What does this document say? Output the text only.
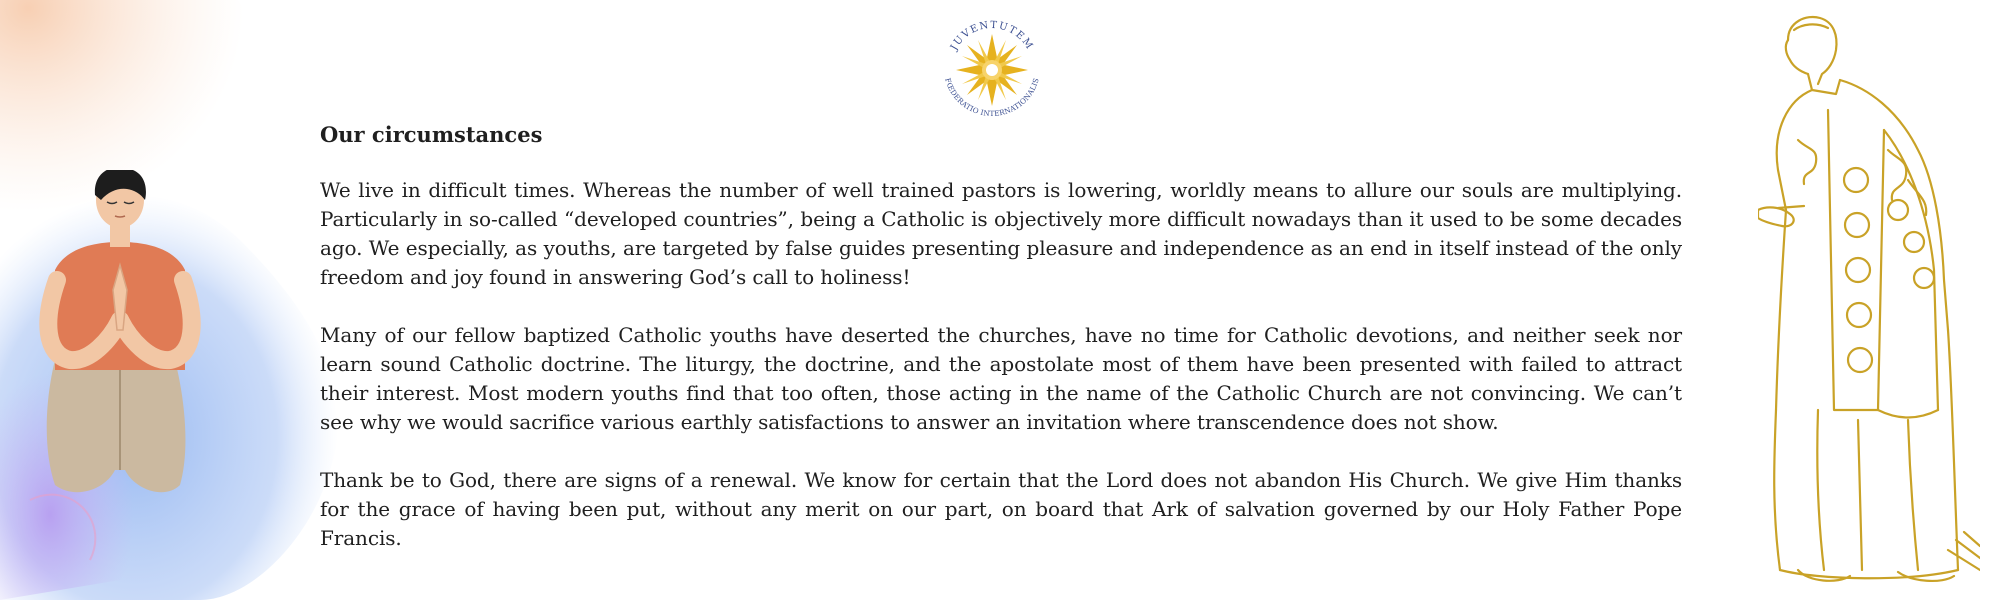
JUVENTUTEM
FŒDERATIO INTERNATIONALIS
Our circumstances

We live in difficult times. Whereas the number of well trained pastors is lowering, worldly means to allure our souls are multiplying. Particularly in so-called “developed countries”, being a Catholic is objectively more difficult nowadays than it used to be some decades ago. We especially, as youths, are targeted by false guides presenting pleasure and independence as an end in itself instead of the only freedom and joy found in answering God’s call to holiness!

Many of our fellow baptized Catholic youths have deserted the churches, have no time for Catholic devotions, and neither seek nor learn sound Catholic doctrine. The liturgy, the doctrine, and the apostolate most of them have been presented with failed to attract their interest. Most modern youths find that too often, those acting in the name of the Catholic Church are not convincing. We can’t see why we would sacrifice various earthly satisfactions to answer an invitation where transcendence does not show.

Thank be to God, there are signs of a renewal. We know for certain that the Lord does not abandon His Church. We give Him thanks for the grace of having been put, without any merit on our part, on board that Ark of salvation governed by our Holy Father Pope Francis.
